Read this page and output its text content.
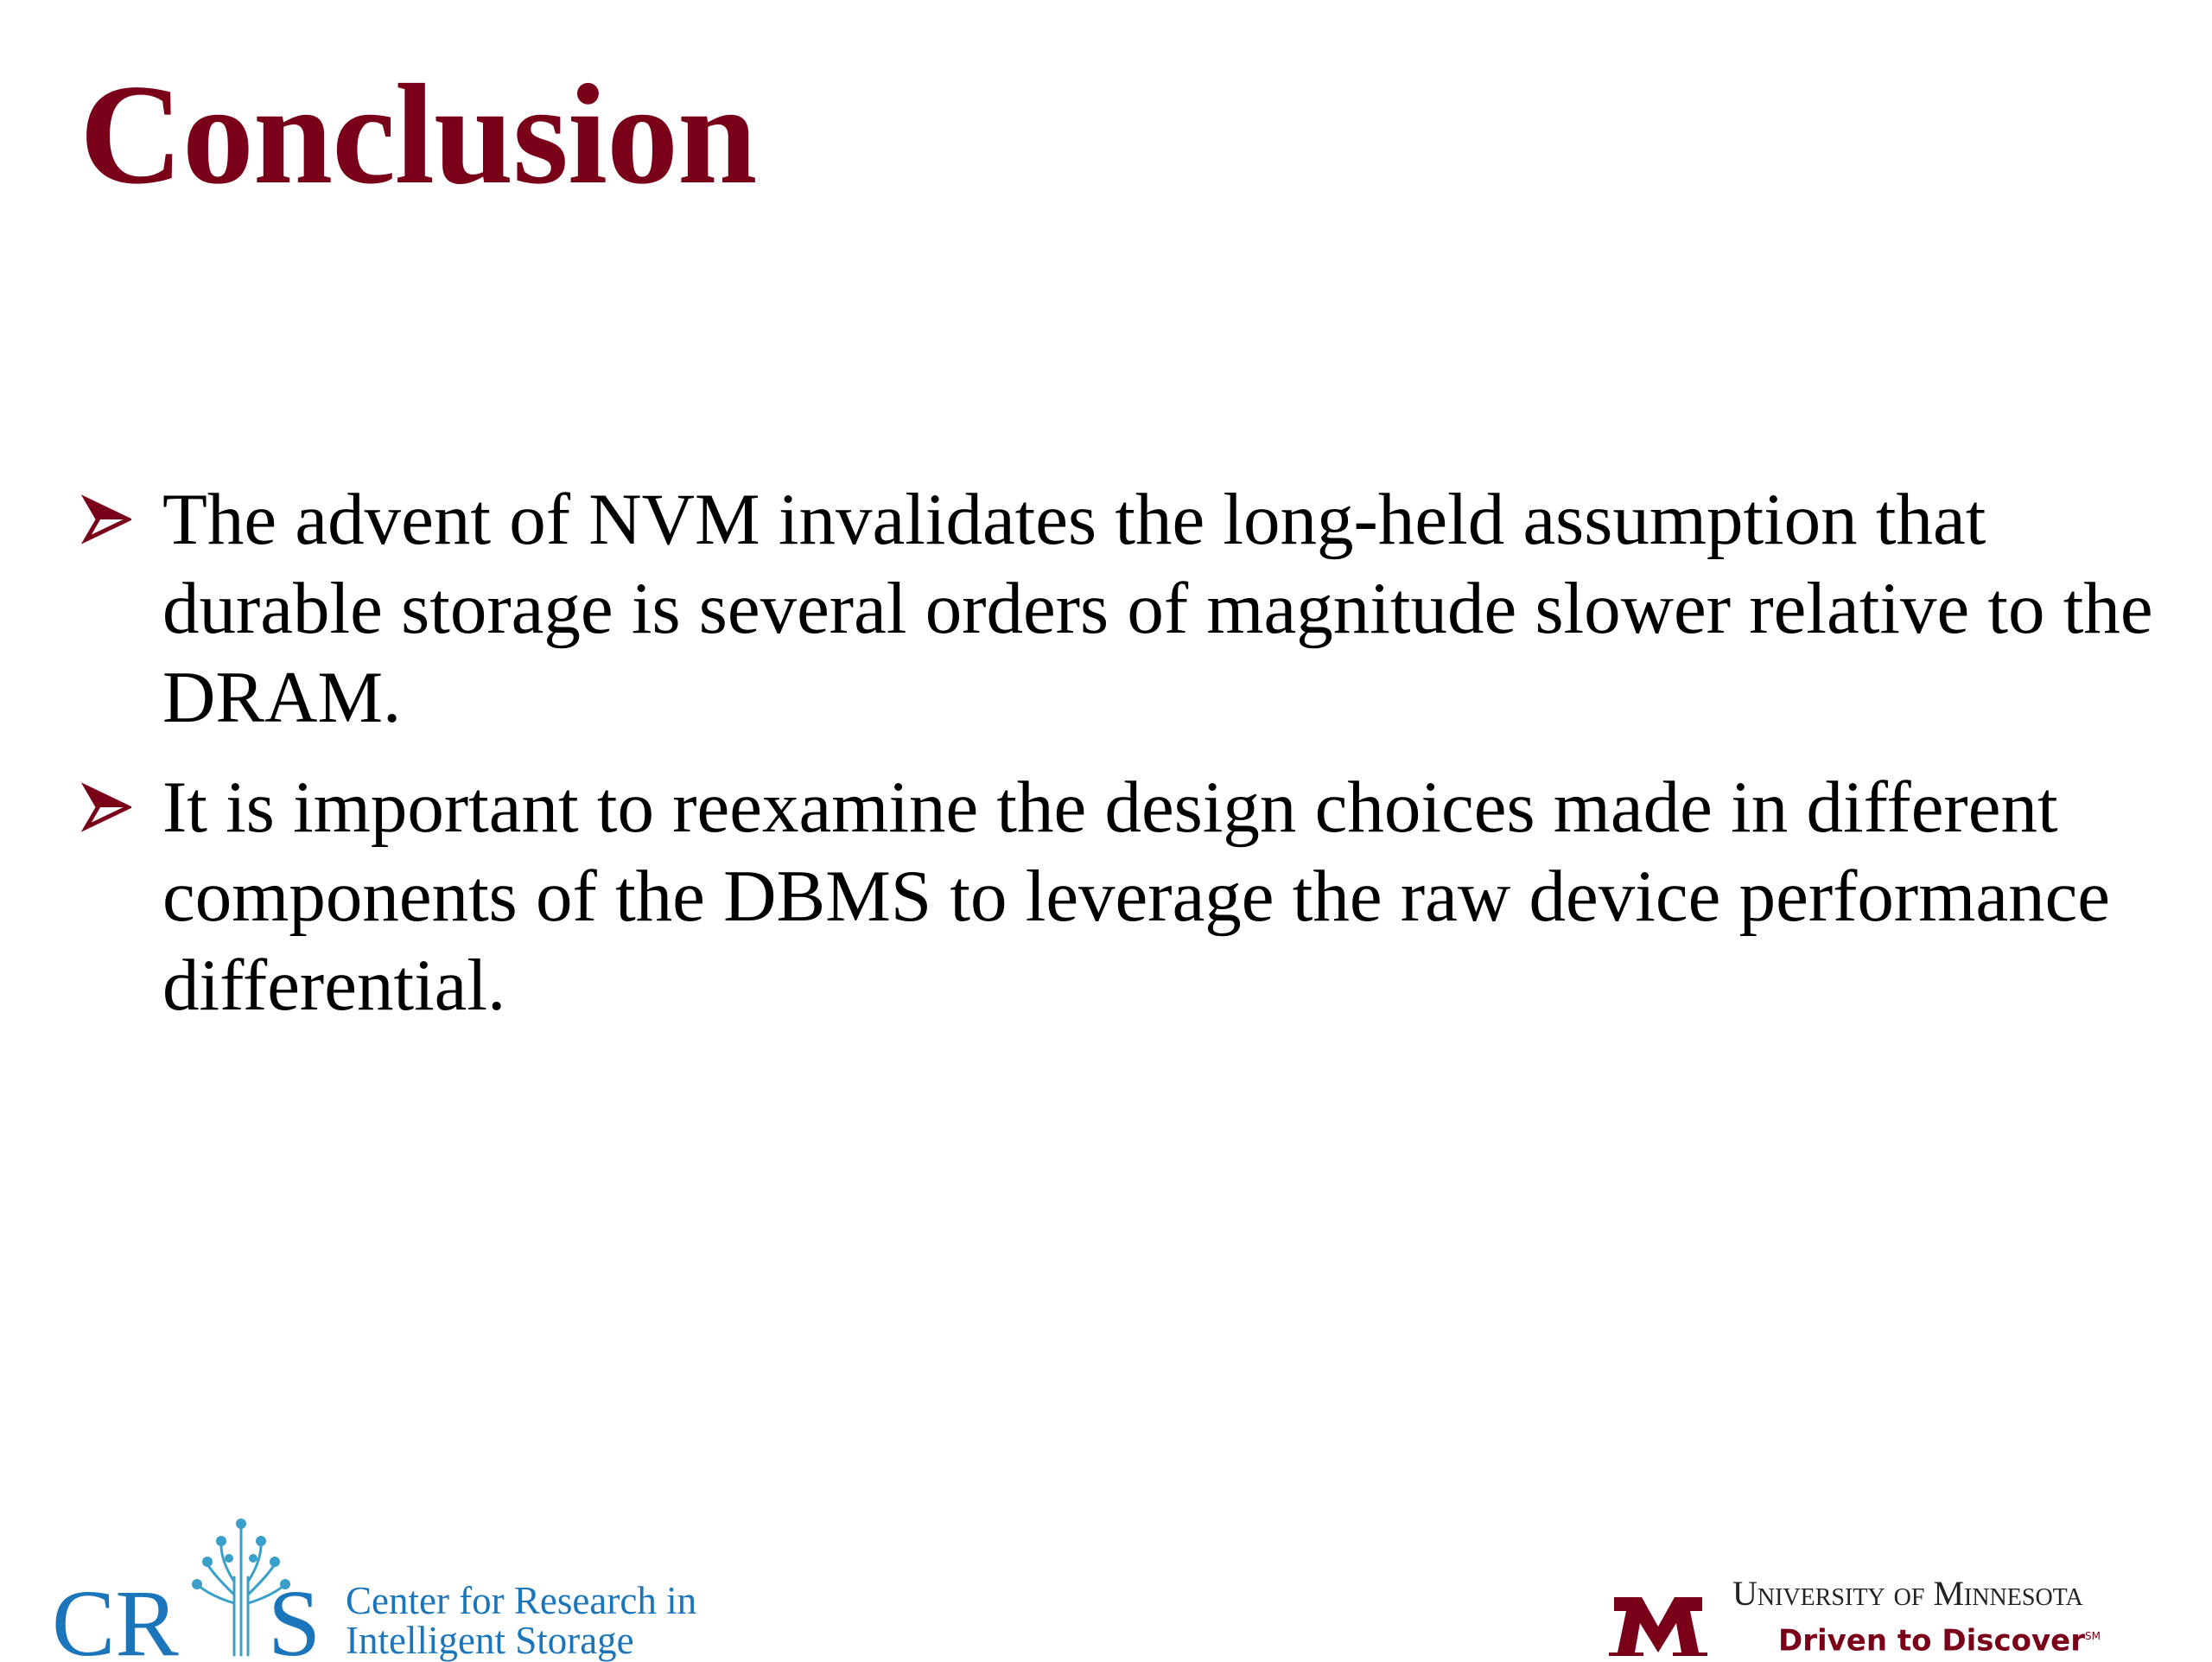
Conclusion
The advent of NVM invalidates the long-held assumption that durable storage is several orders of magnitude slower relative to the DRAM.
It is important to reexamine the design choices made in different components of the DBMS to leverage the raw device performance differential.
CR S Center for Research in
Intelligent Storage
University of Minnesota
Driven to Discover℠
